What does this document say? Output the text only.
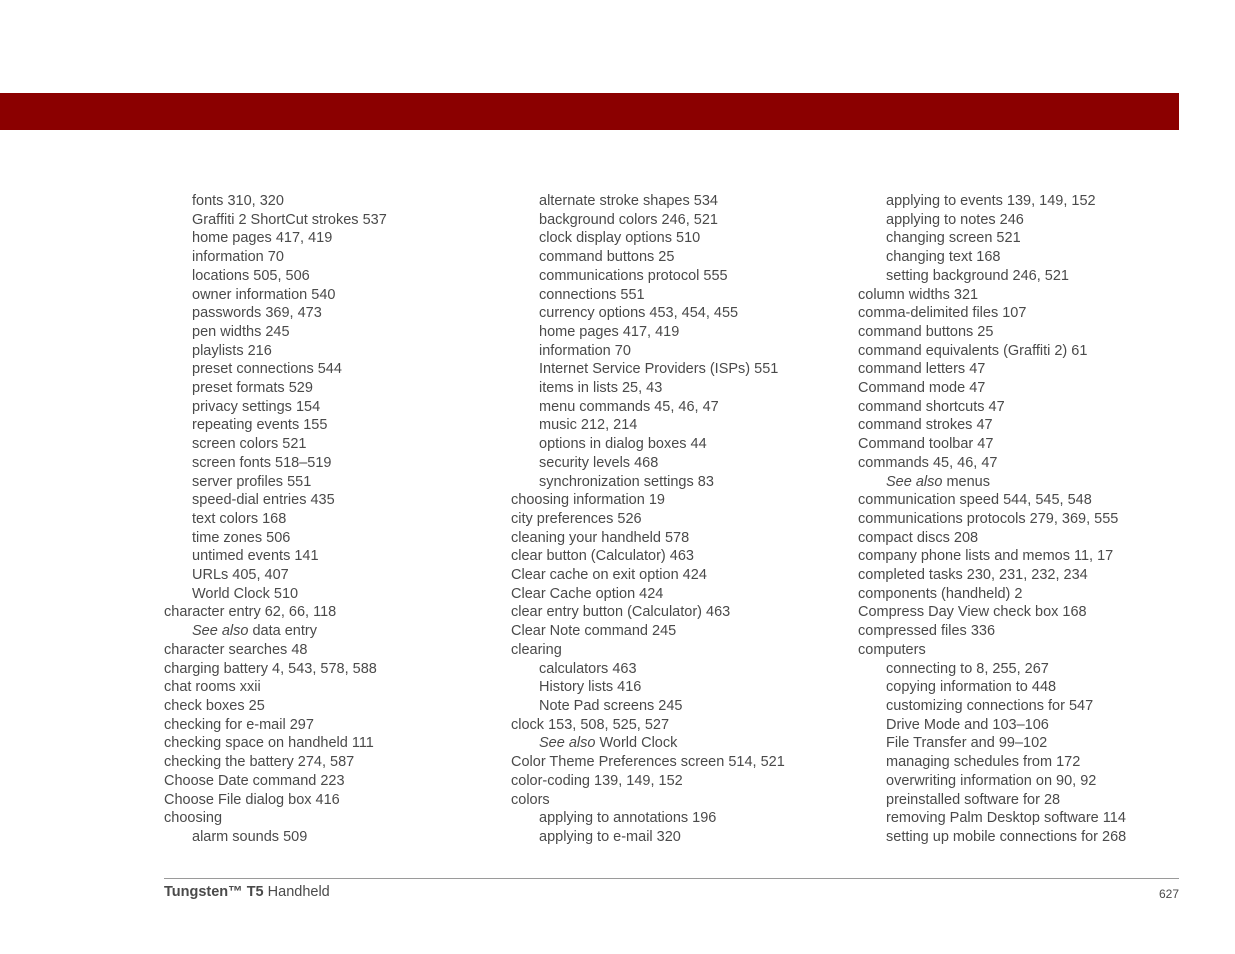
fonts 310, 320
Graffiti 2 ShortCut strokes 537
home pages 417, 419
information 70
locations 505, 506
owner information 540
passwords 369, 473
pen widths 245
playlists 216
preset connections 544
preset formats 529
privacy settings 154
repeating events 155
screen colors 521
screen fonts 518–519
server profiles 551
speed-dial entries 435
text colors 168
time zones 506
untimed events 141
URLs 405, 407
World Clock 510
character entry 62, 66, 118
See also data entry
character searches 48
charging battery 4, 543, 578, 588
chat rooms xxii
check boxes 25
checking for e-mail 297
checking space on handheld 111
checking the battery 274, 587
Choose Date command 223
Choose File dialog box 416
choosing
alarm sounds 509
alternate stroke shapes 534
background colors 246, 521
clock display options 510
command buttons 25
communications protocol 555
connections 551
currency options 453, 454, 455
home pages 417, 419
information 70
Internet Service Providers (ISPs) 551
items in lists 25, 43
menu commands 45, 46, 47
music 212, 214
options in dialog boxes 44
security levels 468
synchronization settings 83
choosing information 19
city preferences 526
cleaning your handheld 578
clear button (Calculator) 463
Clear cache on exit option 424
Clear Cache option 424
clear entry button (Calculator) 463
Clear Note command 245
clearing
calculators 463
History lists 416
Note Pad screens 245
clock 153, 508, 525, 527
See also World Clock
Color Theme Preferences screen 514, 521
color-coding 139, 149, 152
colors
applying to annotations 196
applying to e-mail 320
applying to events 139, 149, 152
applying to notes 246
changing screen 521
changing text 168
setting background 246, 521
column widths 321
comma-delimited files 107
command buttons 25
command equivalents (Graffiti 2) 61
command letters 47
Command mode 47
command shortcuts 47
command strokes 47
Command toolbar 47
commands 45, 46, 47
See also menus
communication speed 544, 545, 548
communications protocols 279, 369, 555
compact discs 208
company phone lists and memos 11, 17
completed tasks 230, 231, 232, 234
components (handheld) 2
Compress Day View check box 168
compressed files 336
computers
connecting to 8, 255, 267
copying information to 448
customizing connections for 547
Drive Mode and 103–106
File Transfer and 99–102
managing schedules from 172
overwriting information on 90, 92
preinstalled software for 28
removing Palm Desktop software 114
setting up mobile connections for 268
Tungsten™ T5 Handheld	627
